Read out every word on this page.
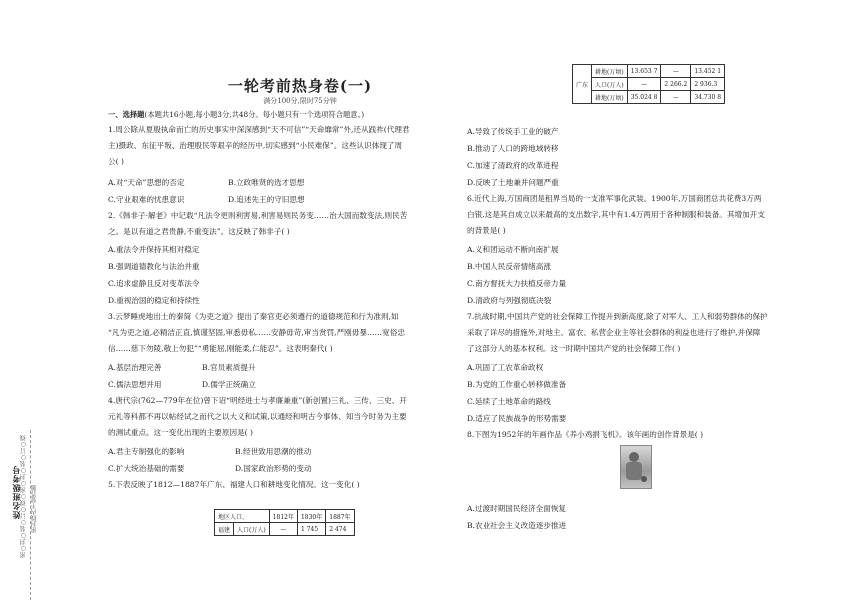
一轮考前热身卷(一)
满分100分,限时75分钟
一、选择题(本题共16小题,每小题3分,共48分。每小题只有一个选项符合题意。)
1.周公除从夏殷执命而亡的历史事实中深深感到“天不可信”“天命靡常”外,还从践祚(代理君
主)摄政、东征平叛、治理殷民等艰辛的经历中,切实感到“小民难保”。这些认识体现了周
公( )
A.对“天命”思想的否定	B.立政唯贤的选才思想
C.守业艰难的忧患意识	D.追述先王的守旧思想
2.《韩非子·解老》中记载“凡法令更则利害易,利害易则民务变……治大国而数变法,则民苦
之。是以有道之君贵静,不重变法”。这反映了韩非子( )
A.重法令并保持其相对稳定
B.强调道德教化与法治并重
C.追求虚静且反对变革法令
D.重视治国的稳定和持续性
3.云梦睡虎地出土的秦简《为吏之道》提出了秦官吏必须遵行的道德规范和行为准则,如
“凡为吏之道,必精洁正直,慎谨坚固,审悉毋私……安静毋苛,审当赏罚,严刚毋暴……宽俗忠
信……慈下勿陵,敬上勿犯”“勇能屈,刚能柔,仁能忍”。这表明秦代( )
A.基层治理完善	B.官员素质提升
C.儒法思想并用	D.儒学正统确立
4.唐代宗(762—779年在位)曾下诏“明经进士与孝廉兼重”(新创置)三礼、三传、三史、开
元礼等科都不再以帖经试之而代之以大义和试策,以通经和明古今事体、知当今时务为主要
的测试重点。这一变化出现的主要原因是( )
A.君主专制强化的影响	B.经世致用思潮的推动
C.扩大统治基础的需要	D.国家政治形势的变动
5.下表反映了1812—1887年广东、福建人口和耕地变化情况。这一变化( )
地区人口、		1812年	1830年	1887年
福建	人口(万人)	—	1 745	2 474
广东	耕地(万顷)	13.653 7	—	13.452 1
	人口(万人)	—	2 266.2	2 936.3
	耕地(万顷)	35.024 8	—	34.730 8
A.导致了传统手工业的破产
B.推动了人口的跨地域转移
C.加速了清政府的改革进程
D.反映了土地兼并问题严重
6.近代上海,万国商团是租界当局的一支准军事化武装。1900年,万国商团总共花费3万两
白银,这是其自成立以来最高的支出数字,其中有1.4万两用于各种制服和装备。其增加开支
的背景是( )
A.义和团运动不断向南扩展
B.中国人民反帝情绪高涨
C.南方督抚大力扶植反帝力量
D.清政府与列强彻底决裂
7.抗战时期,中国共产党的社会保障工作提升到新高度,除了对军人、工人和弱势群体的保护
采取了详尽的措施外,对地主、富农、私营企业主等社会群体的利益也进行了维护,并保障
了这部分人的基本权利。这一时期中国共产党的社会保障工作( )
A.巩固了工农革命政权
B.为党的工作重心转移做准备
C.延续了土地革命的路线
D.适应了民族战争的形势需要
8.下图为1952年的年画作品《养小鸡捐飞机》。该年画的创作背景是( )
A.过渡时期国民经济全面恢复
B.农业社会主义改造逐步推进
姓名班级考号 密○封○装○订○线○密○封○装○订○线 密封线内不要答题
